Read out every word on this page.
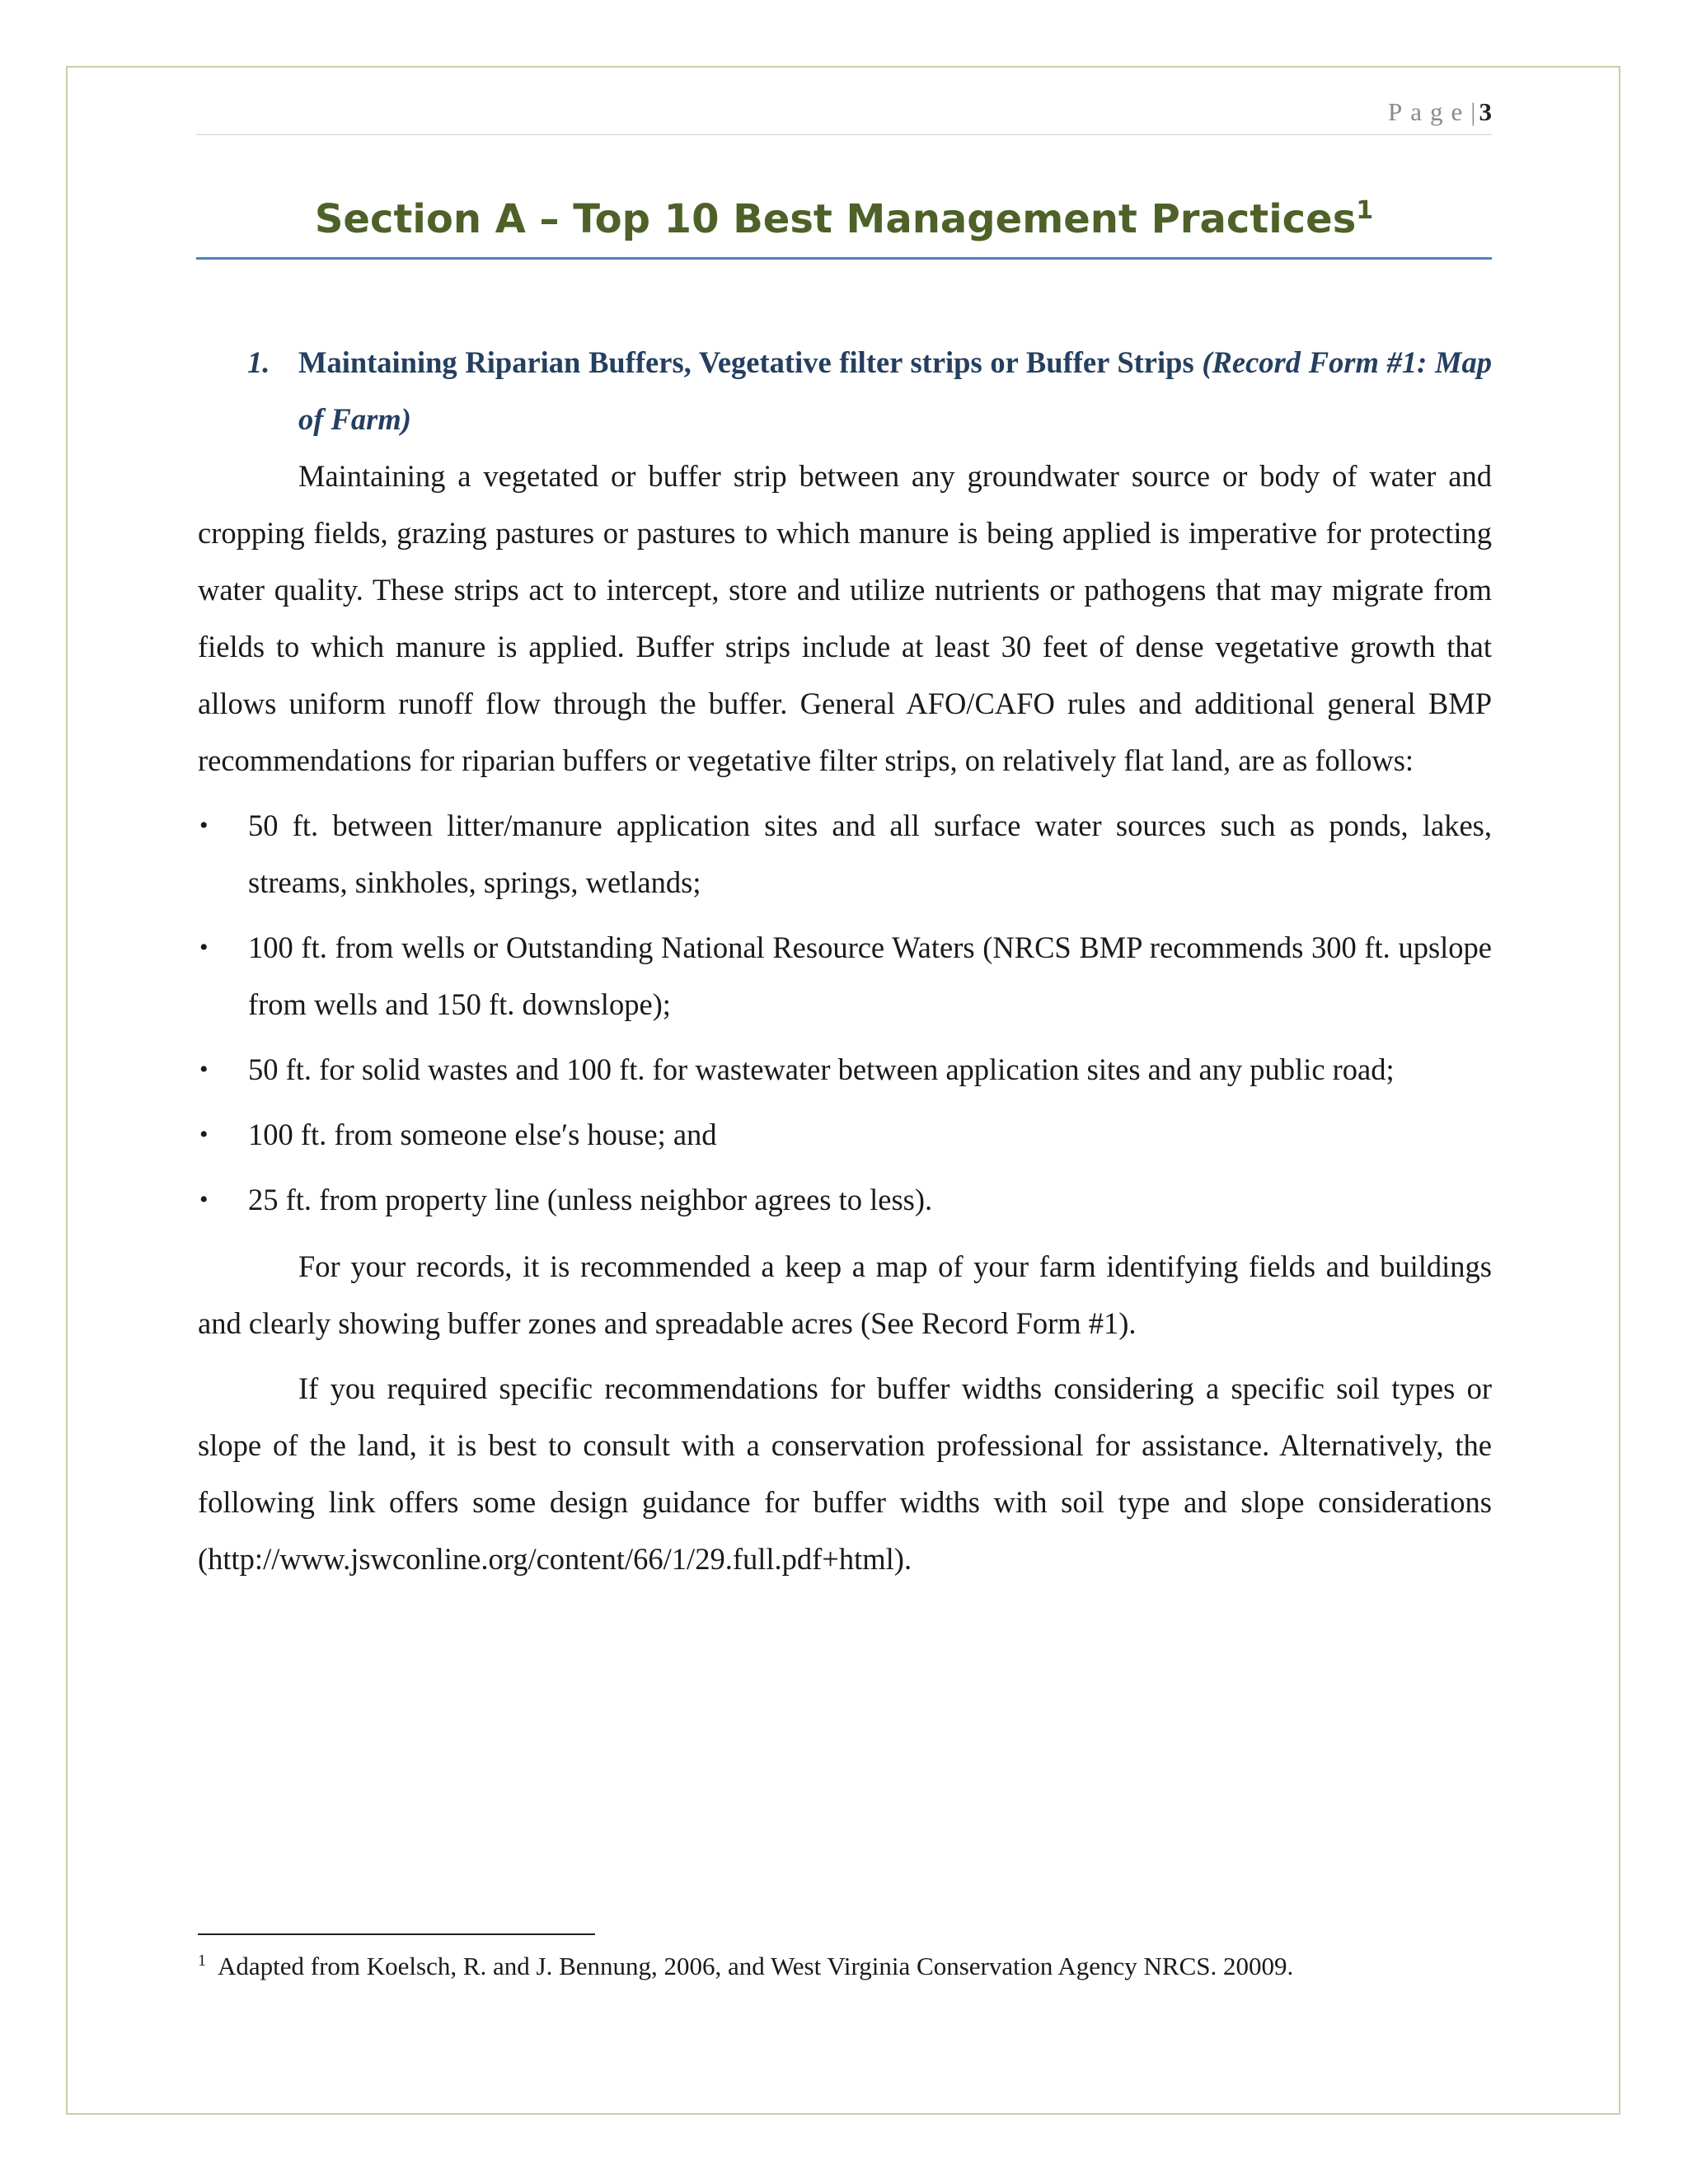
Page|3
Section A – Top 10 Best Management Practices$^1$
1. Maintaining Riparian Buffers, Vegetative filter strips or Buffer Strips (Record Form #1: Map of Farm)

Maintaining a vegetated or buffer strip between any groundwater source or body of water and cropping fields, grazing pastures or pastures to which manure is being applied is imperative for protecting water quality. These strips act to intercept, store and utilize nutrients or pathogens that may migrate from fields to which manure is applied. Buffer strips include at least 30 feet of dense vegetative growth that allows uniform runoff flow through the buffer. General AFO/CAFO rules and additional general BMP recommendations for riparian buffers or vegetative filter strips, on relatively flat land, are as follows:

• 50 ft. between litter/manure application sites and all surface water sources such as ponds, lakes, streams, sinkholes, springs, wetlands;
• 100 ft. from wells or Outstanding National Resource Waters (NRCS BMP recommends 300 ft. upslope from wells and 150 ft. downslope);
• 50 ft. for solid wastes and 100 ft. for wastewater between application sites and any public road;
• 100 ft. from someone else′s house; and
• 25 ft. from property line (unless neighbor agrees to less).

For your records, it is recommended a keep a map of your farm identifying fields and buildings and clearly showing buffer zones and spreadable acres (See Record Form #1).

If you required specific recommendations for buffer widths considering a specific soil types or slope of the land, it is best to consult with a conservation professional for assistance. Alternatively, the following link offers some design guidance for buffer widths with soil type and slope considerations (http://www.jswconline.org/content/66/1/29.full.pdf+html).

$^1$ Adapted from Koelsch, R. and J. Bennung, 2006, and West Virginia Conservation Agency NRCS. 20009.
